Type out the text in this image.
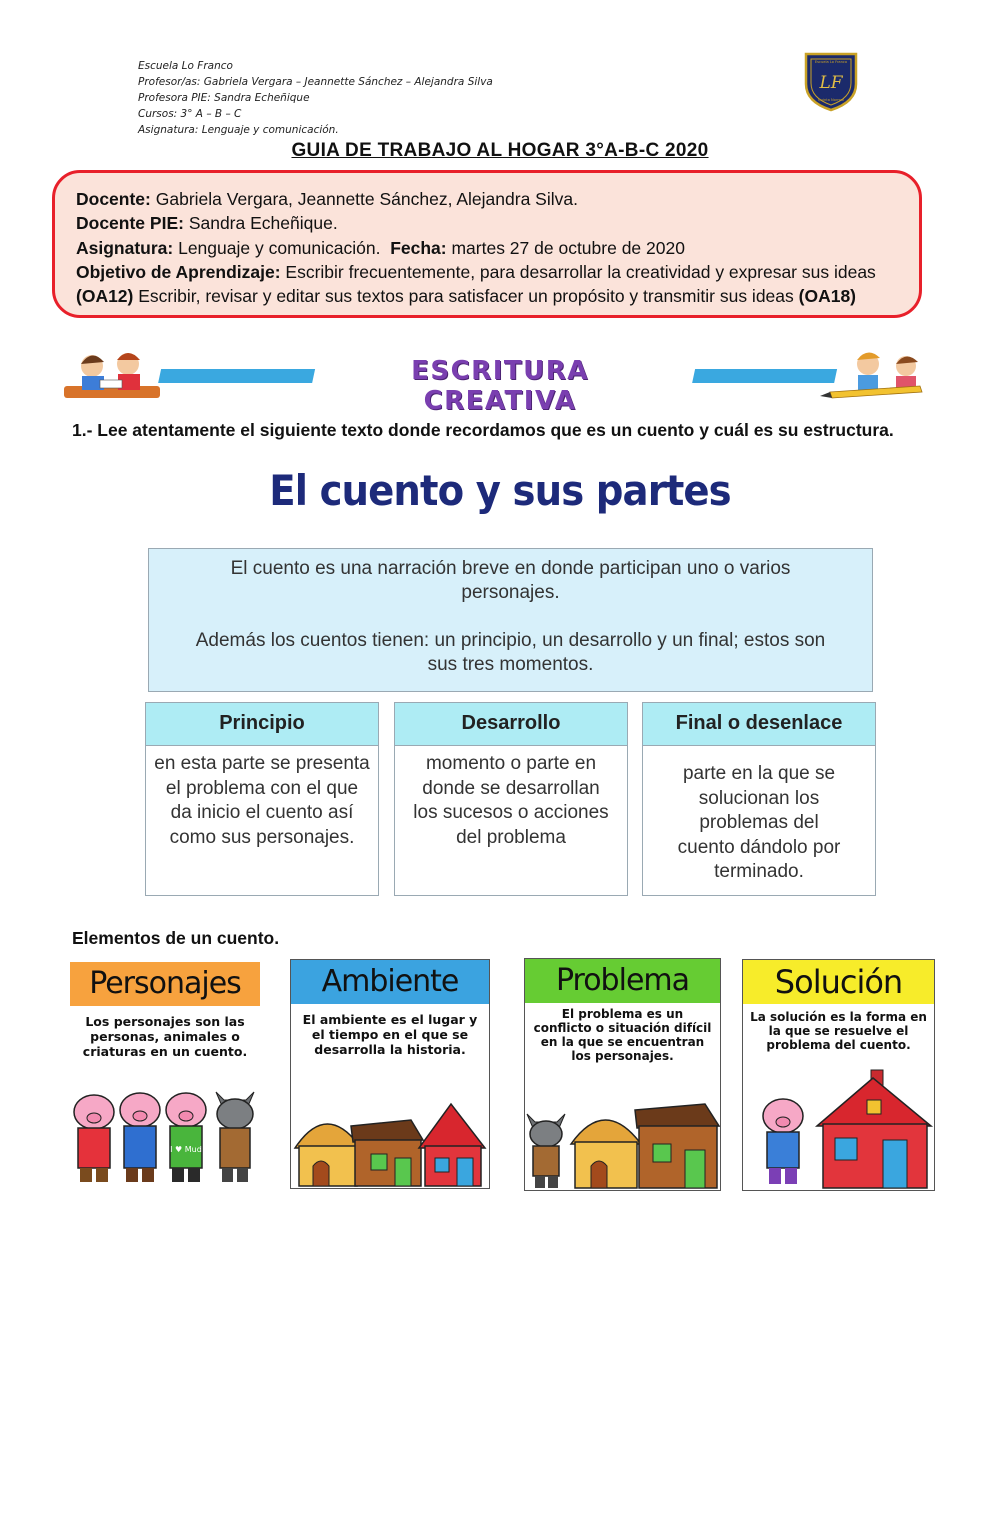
Escuela Lo Franco
Profesor/as: Gabriela Vergara – Jeannette Sánchez – Alejandra Silva
Profesora PIE: Sandra Echeñique
Cursos: 3° A – B – C
Asignatura: Lenguaje y comunicación.
Escuela Lo Franco
LF
Quinta Normal
GUIA DE TRABAJO AL HOGAR 3°A-B-C 2020
Docente: Gabriela Vergara, Jeannette Sánchez, Alejandra Silva.
Docente PIE: Sandra Echeñique.
Asignatura: Lenguaje y comunicación.  Fecha: martes 27 de octubre de 2020
Objetivo de Aprendizaje: Escribir frecuentemente, para desarrollar la creatividad y expresar sus ideas (OA12) Escribir, revisar y editar sus textos para satisfacer un propósito y transmitir sus ideas (OA18)
ESCRITURA CREATIVA
1.- Lee atentamente el siguiente texto donde recordamos que es un cuento y cuál es su estructura.
El cuento y sus partes

El cuento es una narración breve en donde participan uno o varios personajes.

Además los cuentos tienen: un principio, un desarrollo y un final; estos son sus tres momentos.

Principio
en esta parte se presenta el problema con el que da inicio el cuento así como sus personajes.
Desarrollo
momento o parte en donde se desarrollan los sucesos o acciones del problema
Final o desenlace
parte en la que se solucionan los problemas del cuento dándolo por terminado.
Elementos de un cuento.
Personajes
Los personajes son las personas, animales o criaturas en un cuento.
I ♥ Mud
Ambiente
El ambiente es el lugar y el tiempo en el que se desarrolla la historia.
Problema
El problema es un conflicto o situación difícil en la que se encuentran los personajes.
Solución
La solución es la forma en la que se resuelve el problema del cuento.
